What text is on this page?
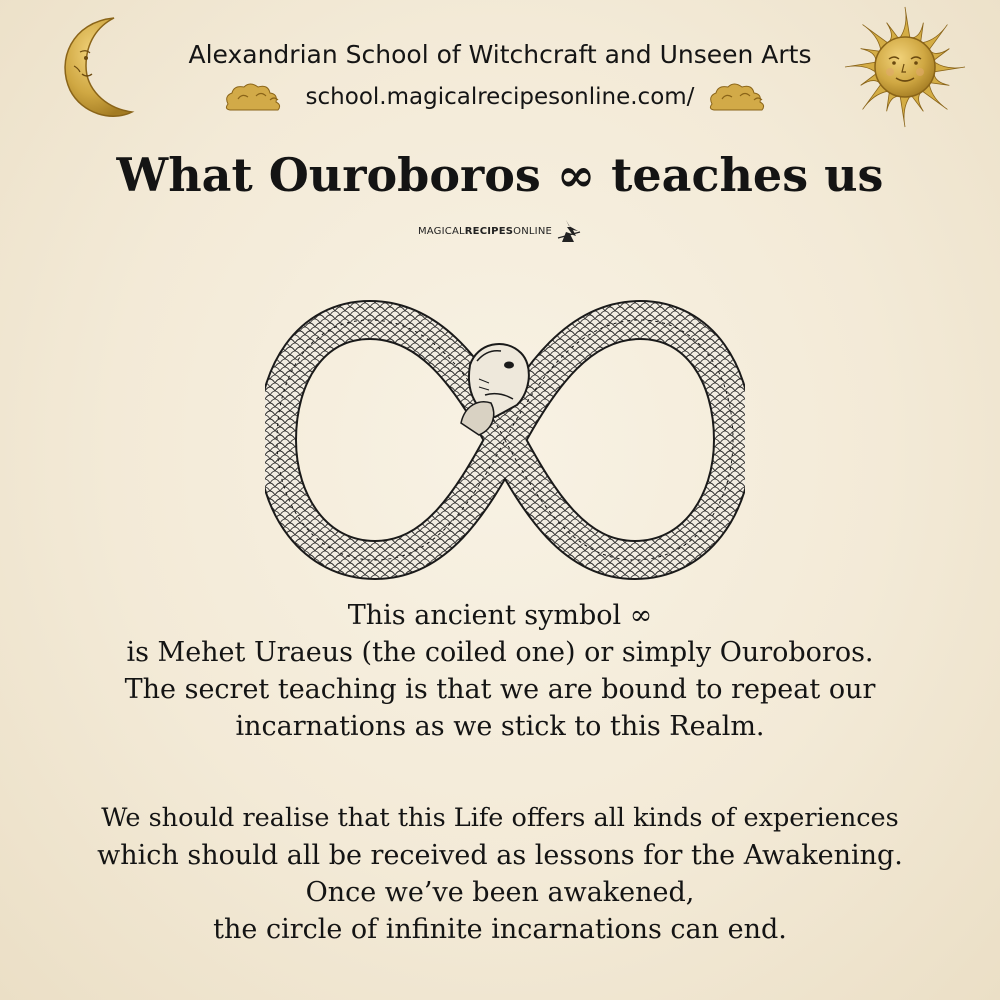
Alexandrian School of Witchcraft and Unseen Arts
school.magicalrecipesonline.com/
What Ouroboros ∞ teaches us
MAGICALRECIPESONLINE
This ancient symbol ∞
is Mehet Uraeus (the coiled one) or simply Ouroboros.
The secret teaching is that we are bound to repeat our
incarnations as we stick to this Realm.
We should realise that this Life offers all kinds of experiences
which should all be received as lessons for the Awakening.
Once we’ve been awakened,
the circle of infinite incarnations can end.
